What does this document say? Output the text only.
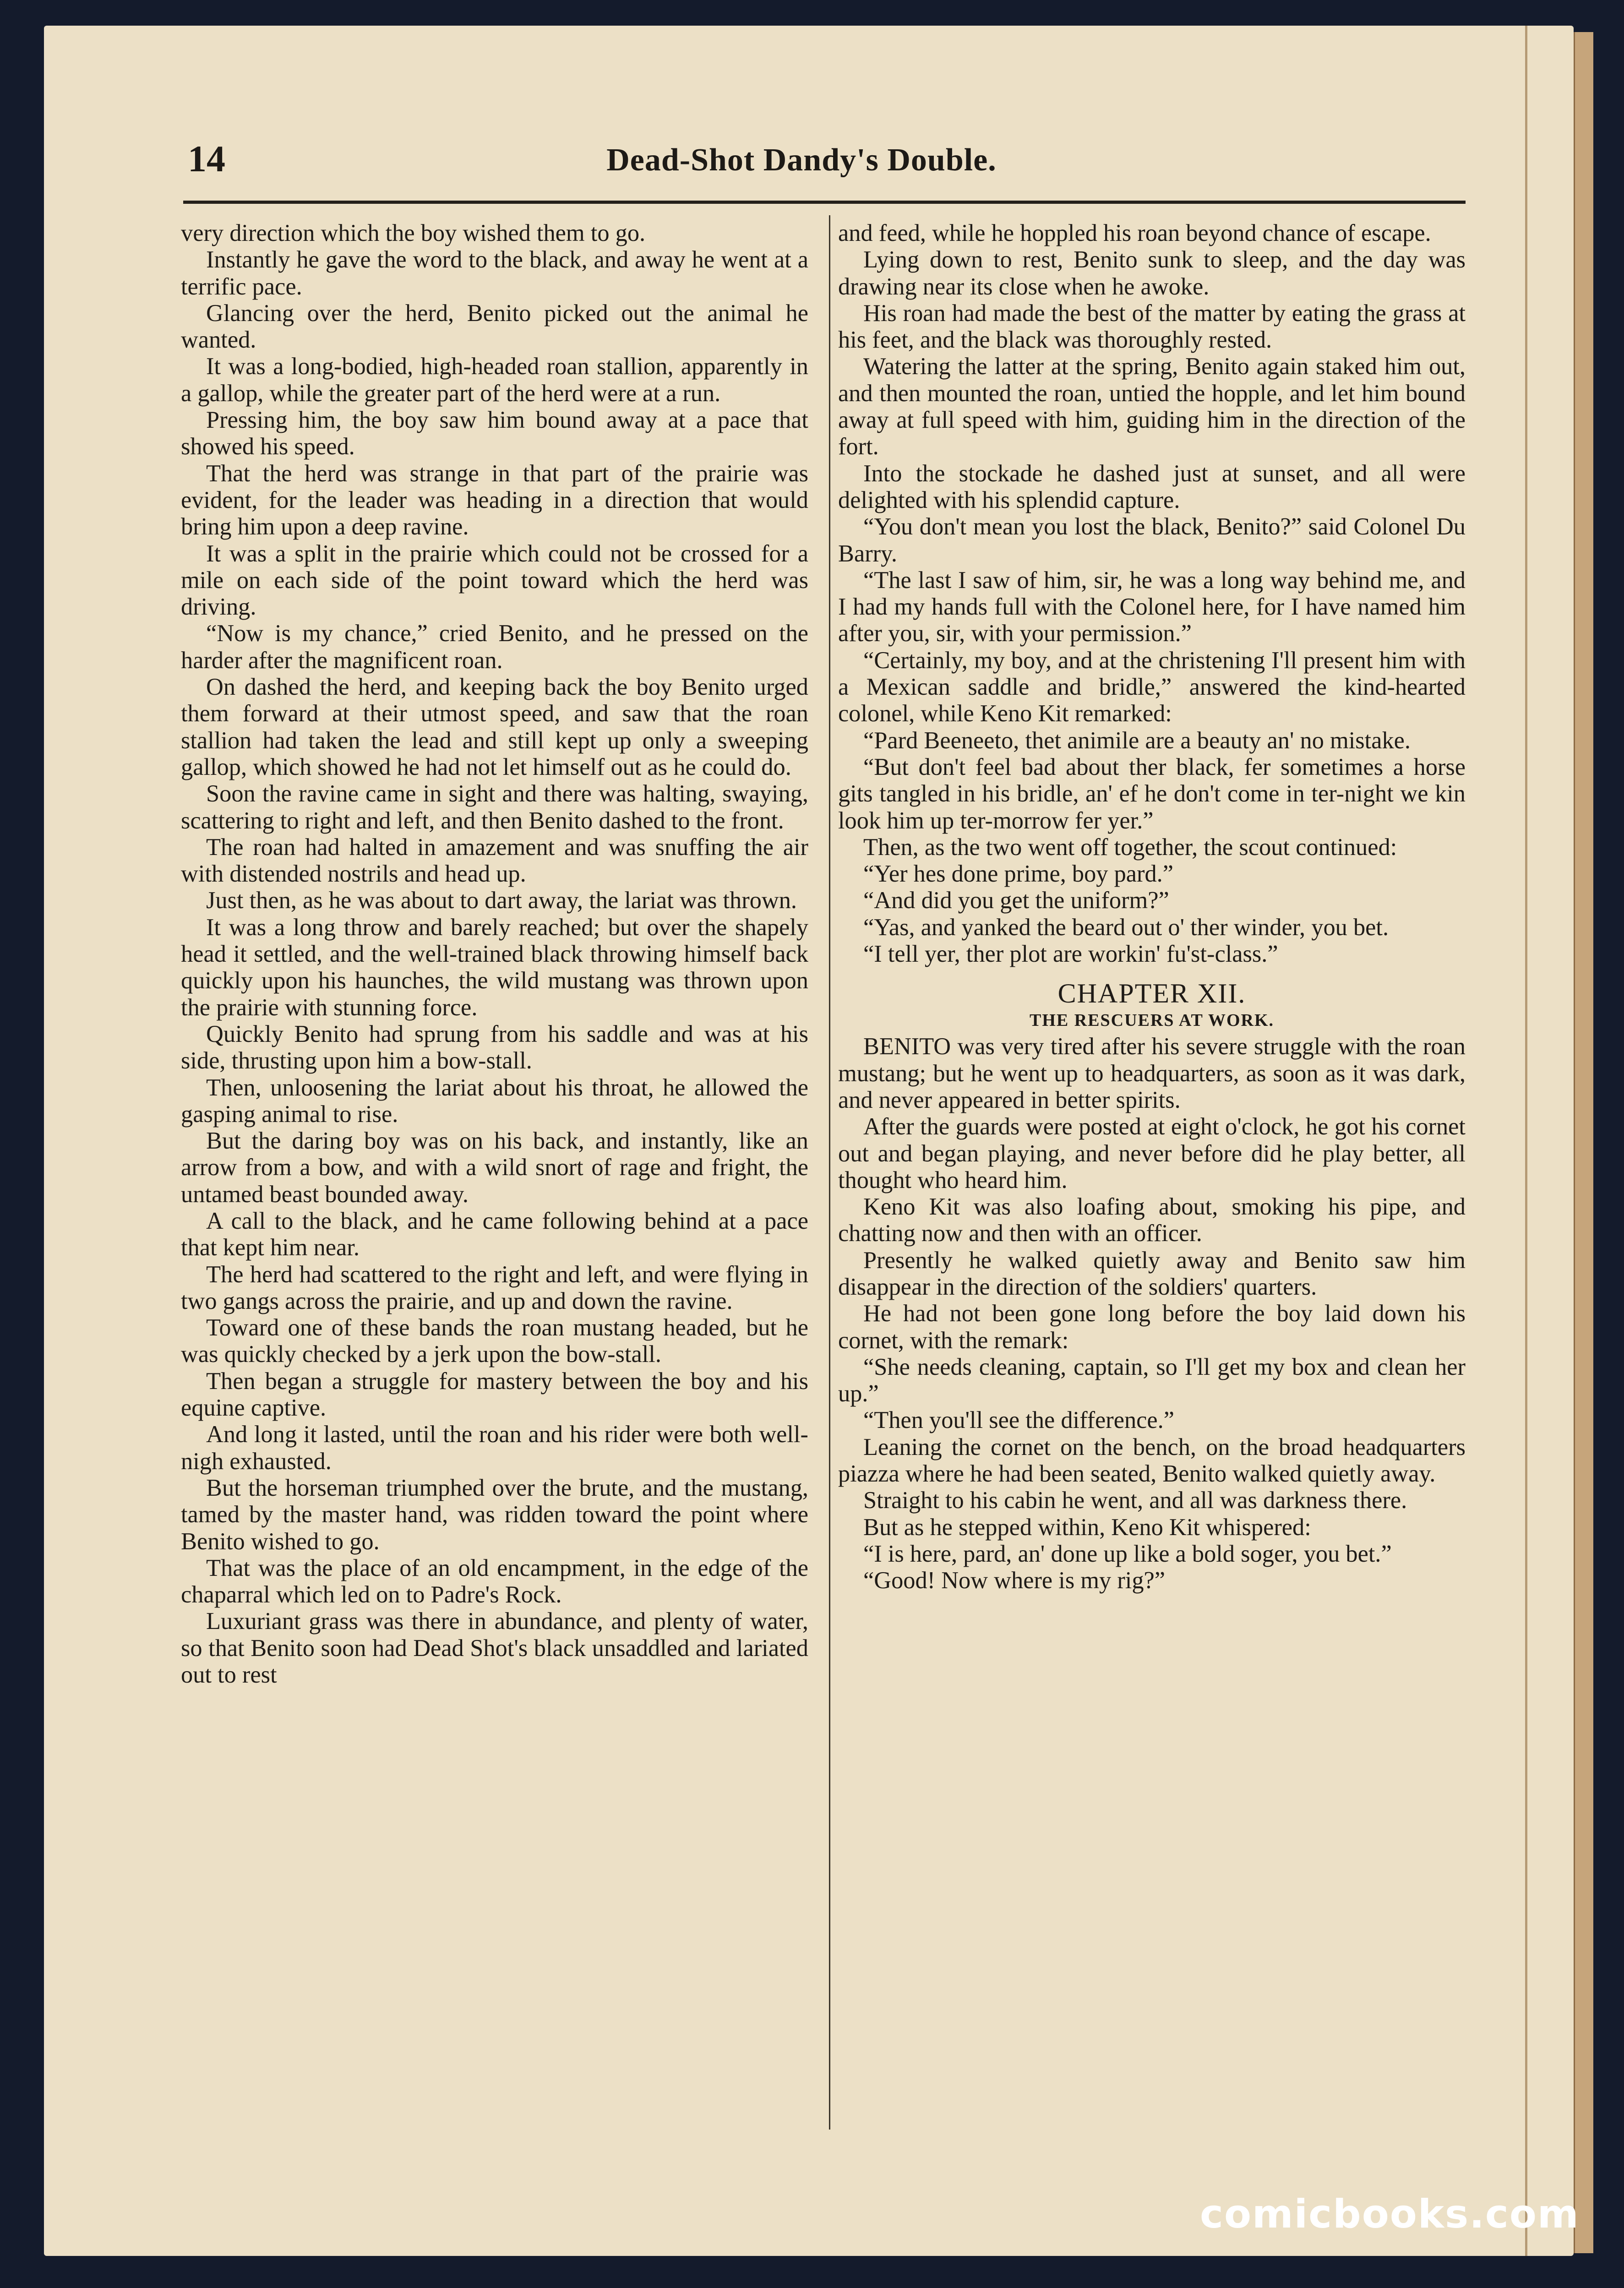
14	Dead-Shot Dandy's Double.

very direction which the boy wished them to go.

Instantly he gave the word to the black, and away he went at a terrific pace.

Glancing over the herd, Benito picked out the animal he wanted.

It was a long-bodied, high-headed roan stallion, apparently in a gallop, while the greater part of the herd were at a run.

Pressing him, the boy saw him bound away at a pace that showed his speed.

That the herd was strange in that part of the prairie was evident, for the leader was heading in a direction that would bring him upon a deep ravine.

It was a split in the prairie which could not be crossed for a mile on each side of the point toward which the herd was driving.

“Now is my chance,” cried Benito, and he pressed on the harder after the magnificent roan.

On dashed the herd, and keeping back the boy Benito urged them forward at their utmost speed, and saw that the roan stallion had taken the lead and still kept up only a sweeping gallop, which showed he had not let himself out as he could do.

Soon the ravine came in sight and there was halting, swaying, scattering to right and left, and then Benito dashed to the front.

The roan had halted in amazement and was snuffing the air with distended nostrils and head up.

Just then, as he was about to dart away, the lariat was thrown.

It was a long throw and barely reached; but over the shapely head it settled, and the well-trained black throwing himself back quickly upon his haunches, the wild mustang was thrown upon the prairie with stunning force.

Quickly Benito had sprung from his saddle and was at his side, thrusting upon him a bow-stall.

Then, unloosening the lariat about his throat, he allowed the gasping animal to rise.

But the daring boy was on his back, and instantly, like an arrow from a bow, and with a wild snort of rage and fright, the untamed beast bounded away.

A call to the black, and he came following behind at a pace that kept him near.

The herd had scattered to the right and left, and were flying in two gangs across the prairie, and up and down the ravine.

Toward one of these bands the roan mustang headed, but he was quickly checked by a jerk upon the bow-stall.

Then began a struggle for mastery between the boy and his equine captive.

And long it lasted, until the roan and his rider were both well-nigh exhausted.

But the horseman triumphed over the brute, and the mustang, tamed by the master hand, was ridden toward the point where Benito wished to go.

That was the place of an old encampment, in the edge of the chaparral which led on to Padre's Rock.

Luxuriant grass was there in abundance, and plenty of water, so that Benito soon had Dead Shot's black unsaddled and lariated out to rest

and feed, while he hoppled his roan beyond chance of escape.

Lying down to rest, Benito sunk to sleep, and the day was drawing near its close when he awoke.

His roan had made the best of the matter by eating the grass at his feet, and the black was thoroughly rested.

Watering the latter at the spring, Benito again staked him out, and then mounted the roan, untied the hopple, and let him bound away at full speed with him, guiding him in the direction of the fort.

Into the stockade he dashed just at sunset, and all were delighted with his splendid capture.

“You don't mean you lost the black, Benito?” said Colonel Du Barry.

“The last I saw of him, sir, he was a long way behind me, and I had my hands full with the Colonel here, for I have named him after you, sir, with your permission.”

“Certainly, my boy, and at the christening I'll present him with a Mexican saddle and bridle,” answered the kind-hearted colonel, while Keno Kit remarked:

“Pard Beeneeto, thet animile are a beauty an' no mistake.

“But don't feel bad about ther black, fer sometimes a horse gits tangled in his bridle, an' ef he don't come in ter-night we kin look him up ter-morrow fer yer.”

Then, as the two went off together, the scout continued:

“Yer hes done prime, boy pard.”

“And did you get the uniform?”

“Yas, and yanked the beard out o' ther winder, you bet.

“I tell yer, ther plot are workin' fu'st-class.”

CHAPTER XII.
THE RESCUERS AT WORK.

BENITO was very tired after his severe struggle with the roan mustang; but he went up to headquarters, as soon as it was dark, and never appeared in better spirits.

After the guards were posted at eight o'clock, he got his cornet out and began playing, and never before did he play better, all thought who heard him.

Keno Kit was also loafing about, smoking his pipe, and chatting now and then with an officer.

Presently he walked quietly away and Benito saw him disappear in the direction of the soldiers' quarters.

He had not been gone long before the boy laid down his cornet, with the remark:

“She needs cleaning, captain, so I'll get my box and clean her up.”

“Then you'll see the difference.”

Leaning the cornet on the bench, on the broad headquarters piazza where he had been seated, Benito walked quietly away.

Straight to his cabin he went, and all was darkness there.

But as he stepped within, Keno Kit whispered:

“I is here, pard, an' done up like a bold soger, you bet.”

“Good! Now where is my rig?”

comicbooks.com
